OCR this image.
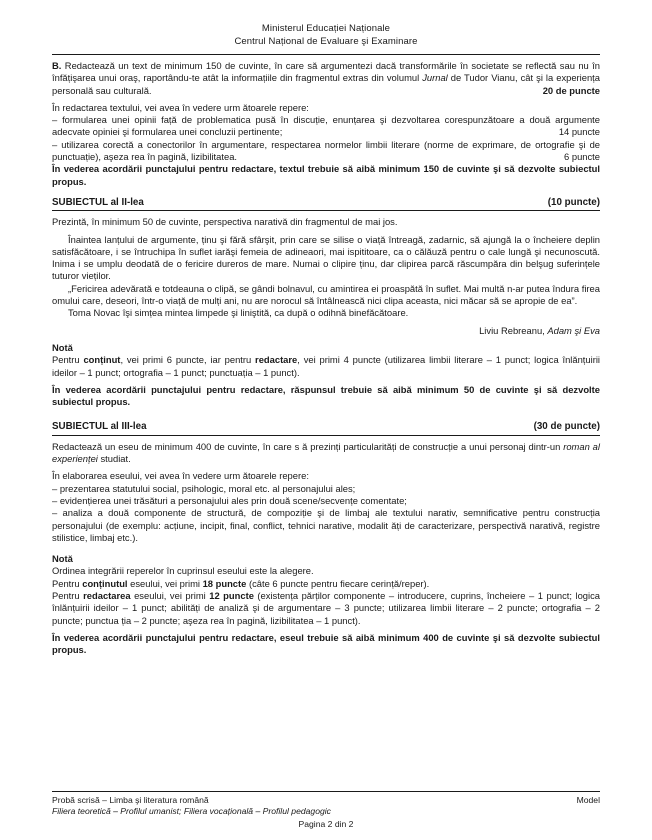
Ministerul Educației Naționale
Centrul Național de Evaluare şi Examinare

B. Redactează un text de minimum 150 de cuvinte, în care să argumentezi dacă transformările în societate se reflectă sau nu în înfățişarea unui oraş, raportându-te atât la informațiile din fragmentul extras din volumul Jurnal de Tudor Vianu, cât şi la experiența personală sau culturală.	20 de puncte

În redactarea textului, vei avea în vedere urm ătoarele repere:

– formularea unei opinii față de problematica pusă în discuție, enunțarea şi dezvoltarea corespunzătoare a două argumente adecvate opiniei şi formularea unei concluzii pertinente;	14 puncte

– utilizarea corectă a conectorilor în argumentare, respectarea normelor limbii literare (norme de exprimare, de ortografie şi de punctuație), aşeza rea în pagină, lizibilitatea.	6 puncte

În vederea acordării punctajului pentru redactare, textul trebuie să aibă minimum 150 de cuvinte şi să dezvolte subiectul propus.

SUBIECTUL al II-lea	(10 puncte)

Prezintă, în minimum 50 de cuvinte, perspectiva narativă din fragmentul de mai jos.

Înaintea lanțului de argumente, ținu şi fără sfârşit, prin care se silise o viață întreagă, zadarnic, să ajungă la o încheiere deplin satisfăcătoare, i se întruchipa în suflet iarăşi femeia de adineaori, mai ispititoare, ca o călăuză pentru o cale lungă şi necunoscută. Inima i se umplu deodată de o fericire dureros de mare. Numai o clipire ținu, dar clipirea parcă răscumpăra din belşug suferințele tuturor vieților.

„Fericirea adevărată e totdeauna o clipă, se gândi bolnavul, cu amintirea ei proaspătă în suflet. Mai multă n-ar putea îndura firea omului care, deseori, într-o viață de mulți ani, nu are norocul să întâlnească nici clipa aceasta, nici măcar să se apropie de ea”.

Toma Novac îşi simțea mintea limpede şi liniştită, ca după o odihnă binefăcătoare.

Liviu Rebreanu, Adam şi Eva

Notă

Pentru conținut, vei primi 6 puncte, iar pentru redactare, vei primi 4 puncte (utilizarea limbii literare – 1 punct; logica înlănțuirii ideilor – 1 punct; ortografia – 1 punct; punctuația – 1 punct).

În vederea acordării punctajului pentru redactare, răspunsul trebuie să aibă minimum 50 de cuvinte şi să dezvolte subiectul propus.

SUBIECTUL al III-lea	(30 de puncte)

Redactează un eseu de minimum 400 de cuvinte, în care s ă prezinți particularități de construcție a unui personaj dintr-un roman al experienței studiat.

În elaborarea eseului, vei avea în vedere urm ătoarele repere:

– prezentarea statutului social, psihologic, moral etc. al personajului ales;

– evidențierea unei trăsături a personajului ales prin două scene/secvențe comentate;

– analiza a două componente de structură, de compoziție şi de limbaj ale textului narativ, semnificative pentru construcția personajului (de exemplu: acțiune, incipit, final, conflict, tehnici narative, modalit ăți de caracterizare, perspectivă narativă, registre stilistice, limbaj etc.).

Notă

Ordinea integrării reperelor în cuprinsul eseului este la alegere.

Pentru conținutul eseului, vei primi 18 puncte (câte 6 puncte pentru fiecare cerință/reper).

Pentru redactarea eseului, vei primi 12 puncte (existența părților componente – introducere, cuprins, încheiere – 1 punct; logica înlănțuirii ideilor – 1 punct; abilități de analiză şi de argumentare – 3 puncte; utilizarea limbii literare – 2 puncte; ortografia – 2 puncte; punctua ția – 2 puncte; aşeza rea în pagină, lizibilitatea – 1 punct).

În vederea acordării punctajului pentru redactare, eseul trebuie să aibă minimum 400 de cuvinte şi să dezvolte subiectul propus.

Probă scrisă – Limba şi literatura română	Model
Filiera teoretică – Profilul umanist; Filiera vocațională – Profilul pedagogic
Pagina 2 din 2
